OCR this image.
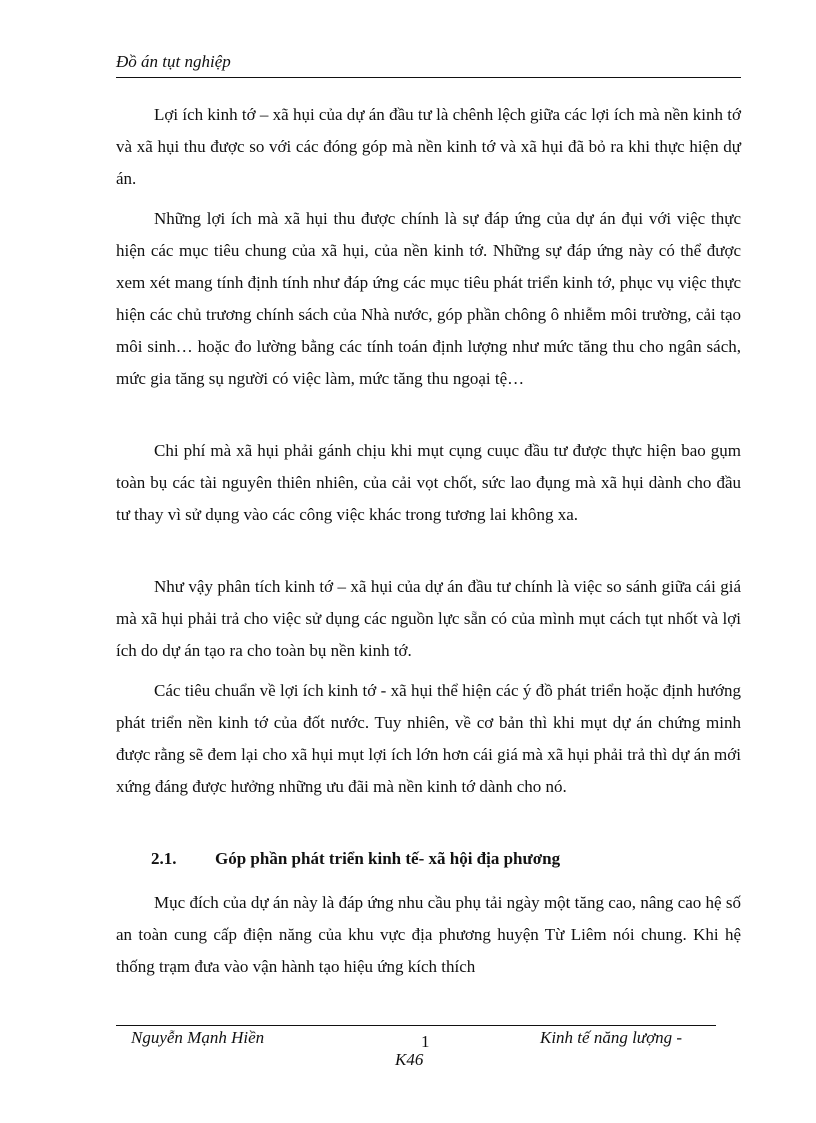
Đồ án tụt nghiệp

Lợi ích kinh tớ – xã hụi của dự án đầu tư là chênh lệch giữa các lợi ích mà nền kinh tớ và xã hụi thu được so với các đóng góp mà nền kinh tớ và xã hụi đã bỏ ra khi thực hiện dự án.

Những lợi ích mà xã hụi thu được chính là sự đáp ứng của dự án đụi với việc thực hiện các mục tiêu chung của xã hụi, của nền kinh tớ. Những sự đáp ứng này có thể được xem xét mang tính định tính như đáp ứng các mục tiêu phát triển kinh tớ, phục vụ việc thực hiện các chủ trương chính sách của Nhà nước, góp phần chông ô nhiễm môi trường, cải tạo môi sinh… hoặc đo lường bằng các tính toán định lượng như mức tăng thu cho ngân sách, mức gia tăng sụ người có việc làm, mức tăng thu ngoại tệ…

Chi phí mà xã hụi phải gánh chịu khi mụt cụng cuục đầu tư được thực hiện bao gụm toàn bụ các tài nguyên thiên nhiên, của cải vọt chốt, sức lao đụng mà xã hụi dành cho đầu tư thay vì sử dụng vào các công việc khác trong tương lai không xa.

Như vậy phân tích kinh tớ – xã hụi của dự án đầu tư chính là việc so sánh giữa cái giá mà xã hụi phải trả cho việc sử dụng các nguồn lực sẵn có của mình mụt cách tụt nhốt và lợi ích do dự án tạo ra cho toàn bụ nền kinh tớ.

Các tiêu chuẩn về lợi ích kinh tớ - xã hụi thể hiện các ý đồ phát triển hoặc định hướng phát triển nền kinh tớ của đốt nước. Tuy nhiên, về cơ bản thì khi mụt dự án chứng minh được rằng sẽ đem lại cho xã hụi mụt lợi ích lớn hơn cái giá mà xã hụi phải trả thì dự án mới xứng đáng được hưởng những ưu đãi mà nền kinh tớ dành cho nó.

2.1. Góp phần phát triển kinh tế- xã hội địa phương

Mục đích của dự án này là đáp ứng nhu cầu phụ tải ngày một tăng cao, nâng cao hệ số an toàn cung cấp điện năng của khu vực địa phương huyện Từ Liêm nói chung. Khi hệ thống trạm đưa vào vận hành tạo hiệu ứng kích thích

Nguyễn Mạnh Hiền	1	Kinh tế năng lượng -
K46
